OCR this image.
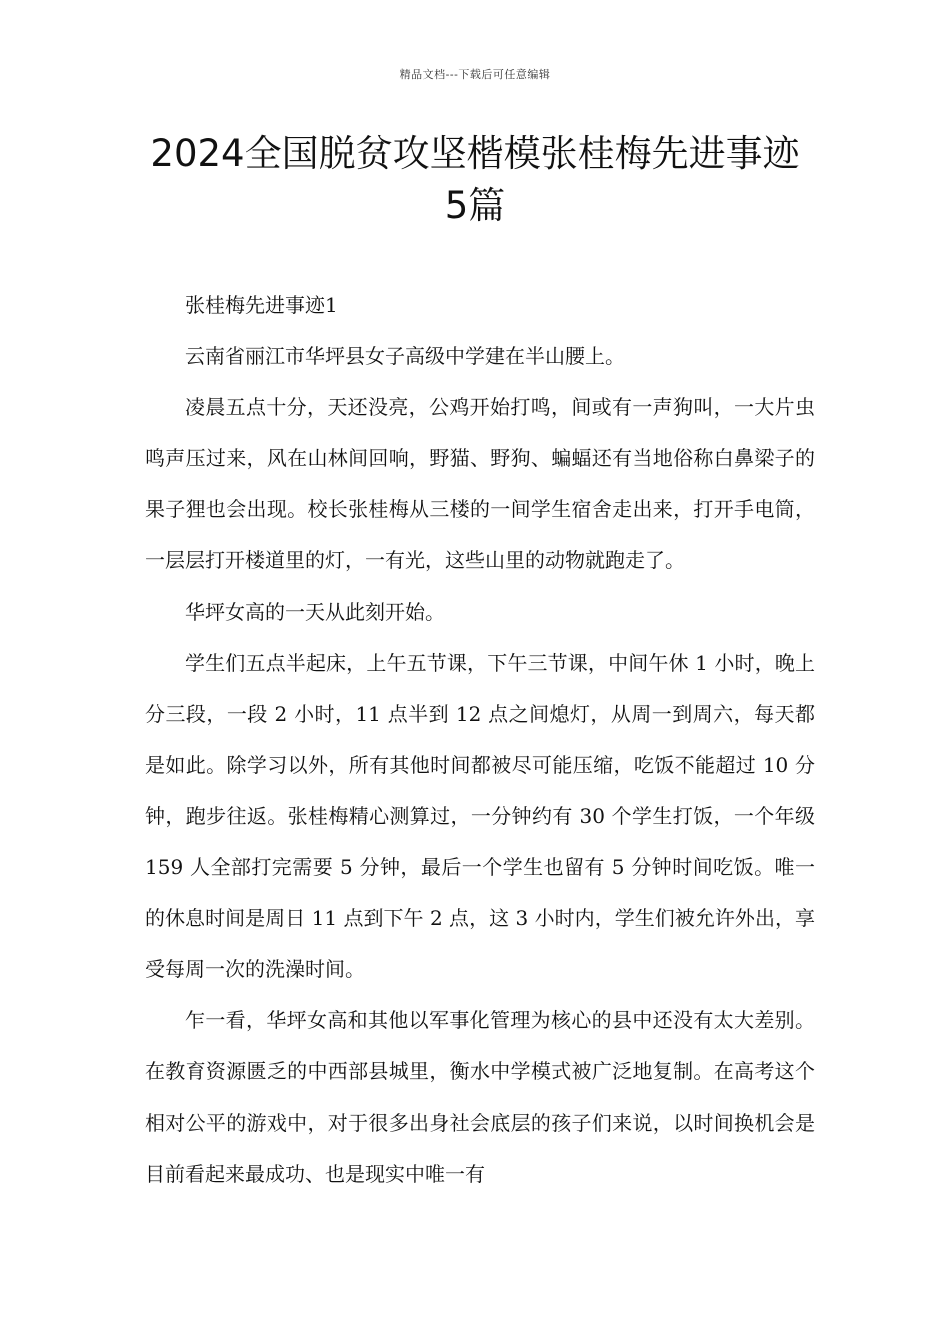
精品文档---下载后可任意编辑
2024全国脱贫攻坚楷模张桂梅先进事迹
5篇

张桂梅先进事迹1

云南省丽江市华坪县女子高级中学建在半山腰上。

凌晨五点十分，天还没亮，公鸡开始打鸣，间或有一声狗叫，一大片虫鸣声压过来，风在山林间回响，野猫、野狗、蝙蝠还有当地俗称白鼻梁子的果子狸也会出现。校长张桂梅从三楼的一间学生宿舍走出来，打开手电筒，一层层打开楼道里的灯，一有光，这些山里的动物就跑走了。

华坪女高的一天从此刻开始。

学生们五点半起床，上午五节课，下午三节课，中间午休 1 小时，晚上分三段，一段 2 小时，11 点半到 12 点之间熄灯，从周一到周六，每天都是如此。除学习以外，所有其他时间都被尽可能压缩，吃饭不能超过 10 分钟，跑步往返。张桂梅精心测算过，一分钟约有 30 个学生打饭，一个年级 159 人全部打完需要 5 分钟，最后一个学生也留有 5 分钟时间吃饭。唯一的休息时间是周日 11 点到下午 2 点，这 3 小时内，学生们被允许外出，享受每周一次的洗澡时间。

乍一看，华坪女高和其他以军事化管理为核心的县中还没有太大差别。在教育资源匮乏的中西部县城里，衡水中学模式被广泛地复制。在高考这个相对公平的游戏中，对于很多出身社会底层的孩子们来说，以时间换机会是目前看起来最成功、也是现实中唯一有
